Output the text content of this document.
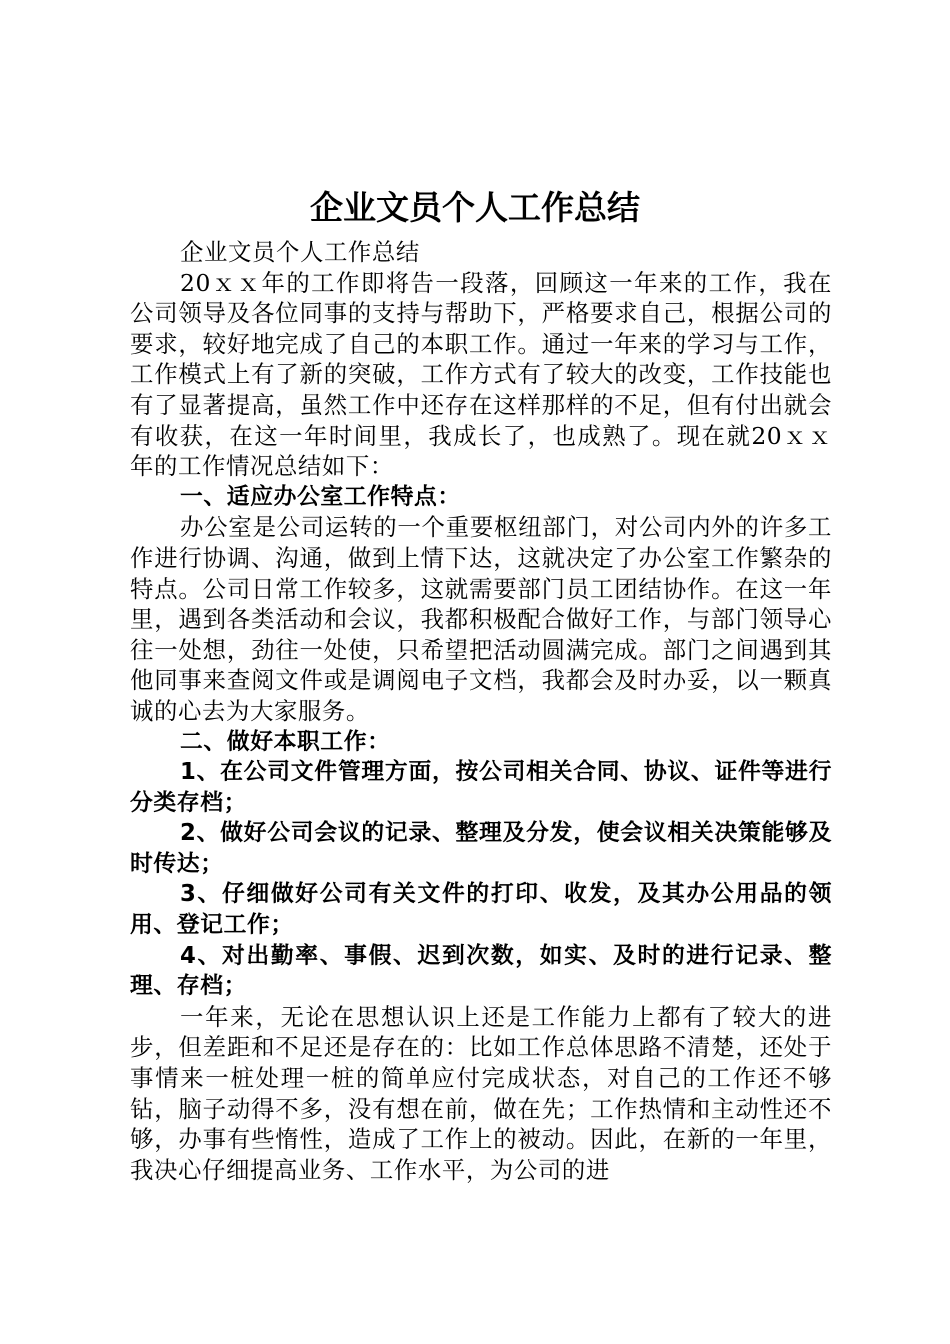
企业文员个人工作总结

企业文员个人工作总结

20ｘｘ年的工作即将告一段落，回顾这一年来的工作，我在公司领导及各位同事的支持与帮助下，严格要求自己，根据公司的要求，较好地完成了自己的本职工作。通过一年来的学习与工作，工作模式上有了新的突破，工作方式有了较大的改变，工作技能也有了显著提高，虽然工作中还存在这样那样的不足，但有付出就会有收获，在这一年时间里，我成长了，也成熟了。现在就20ｘｘ年的工作情况总结如下：

一、适应办公室工作特点：

办公室是公司运转的一个重要枢纽部门，对公司内外的许多工作进行协调、沟通，做到上情下达，这就决定了办公室工作繁杂的特点。公司日常工作较多，这就需要部门员工团结协作。在这一年里，遇到各类活动和会议，我都积极配合做好工作，与部门领导心往一处想，劲往一处使，只希望把活动圆满完成。部门之间遇到其他同事来查阅文件或是调阅电子文档，我都会及时办妥，以一颗真诚的心去为大家服务。

二、做好本职工作：

1、在公司文件管理方面，按公司相关合同、协议、证件等进行分类存档；

2、做好公司会议的记录、整理及分发，使会议相关决策能够及时传达；

3、仔细做好公司有关文件的打印、收发，及其办公用品的领用、登记工作；

4、对出勤率、事假、迟到次数，如实、及时的进行记录、整理、存档；

一年来，无论在思想认识上还是工作能力上都有了较大的进步，但差距和不足还是存在的：比如工作总体思路不清楚，还处于事情来一桩处理一桩的简单应付完成状态，对自己的工作还不够钻，脑子动得不多，没有想在前，做在先；工作热情和主动性还不够，办事有些惰性，造成了工作上的被动。因此，在新的一年里，我决心仔细提高业务、工作水平，为公司的进
